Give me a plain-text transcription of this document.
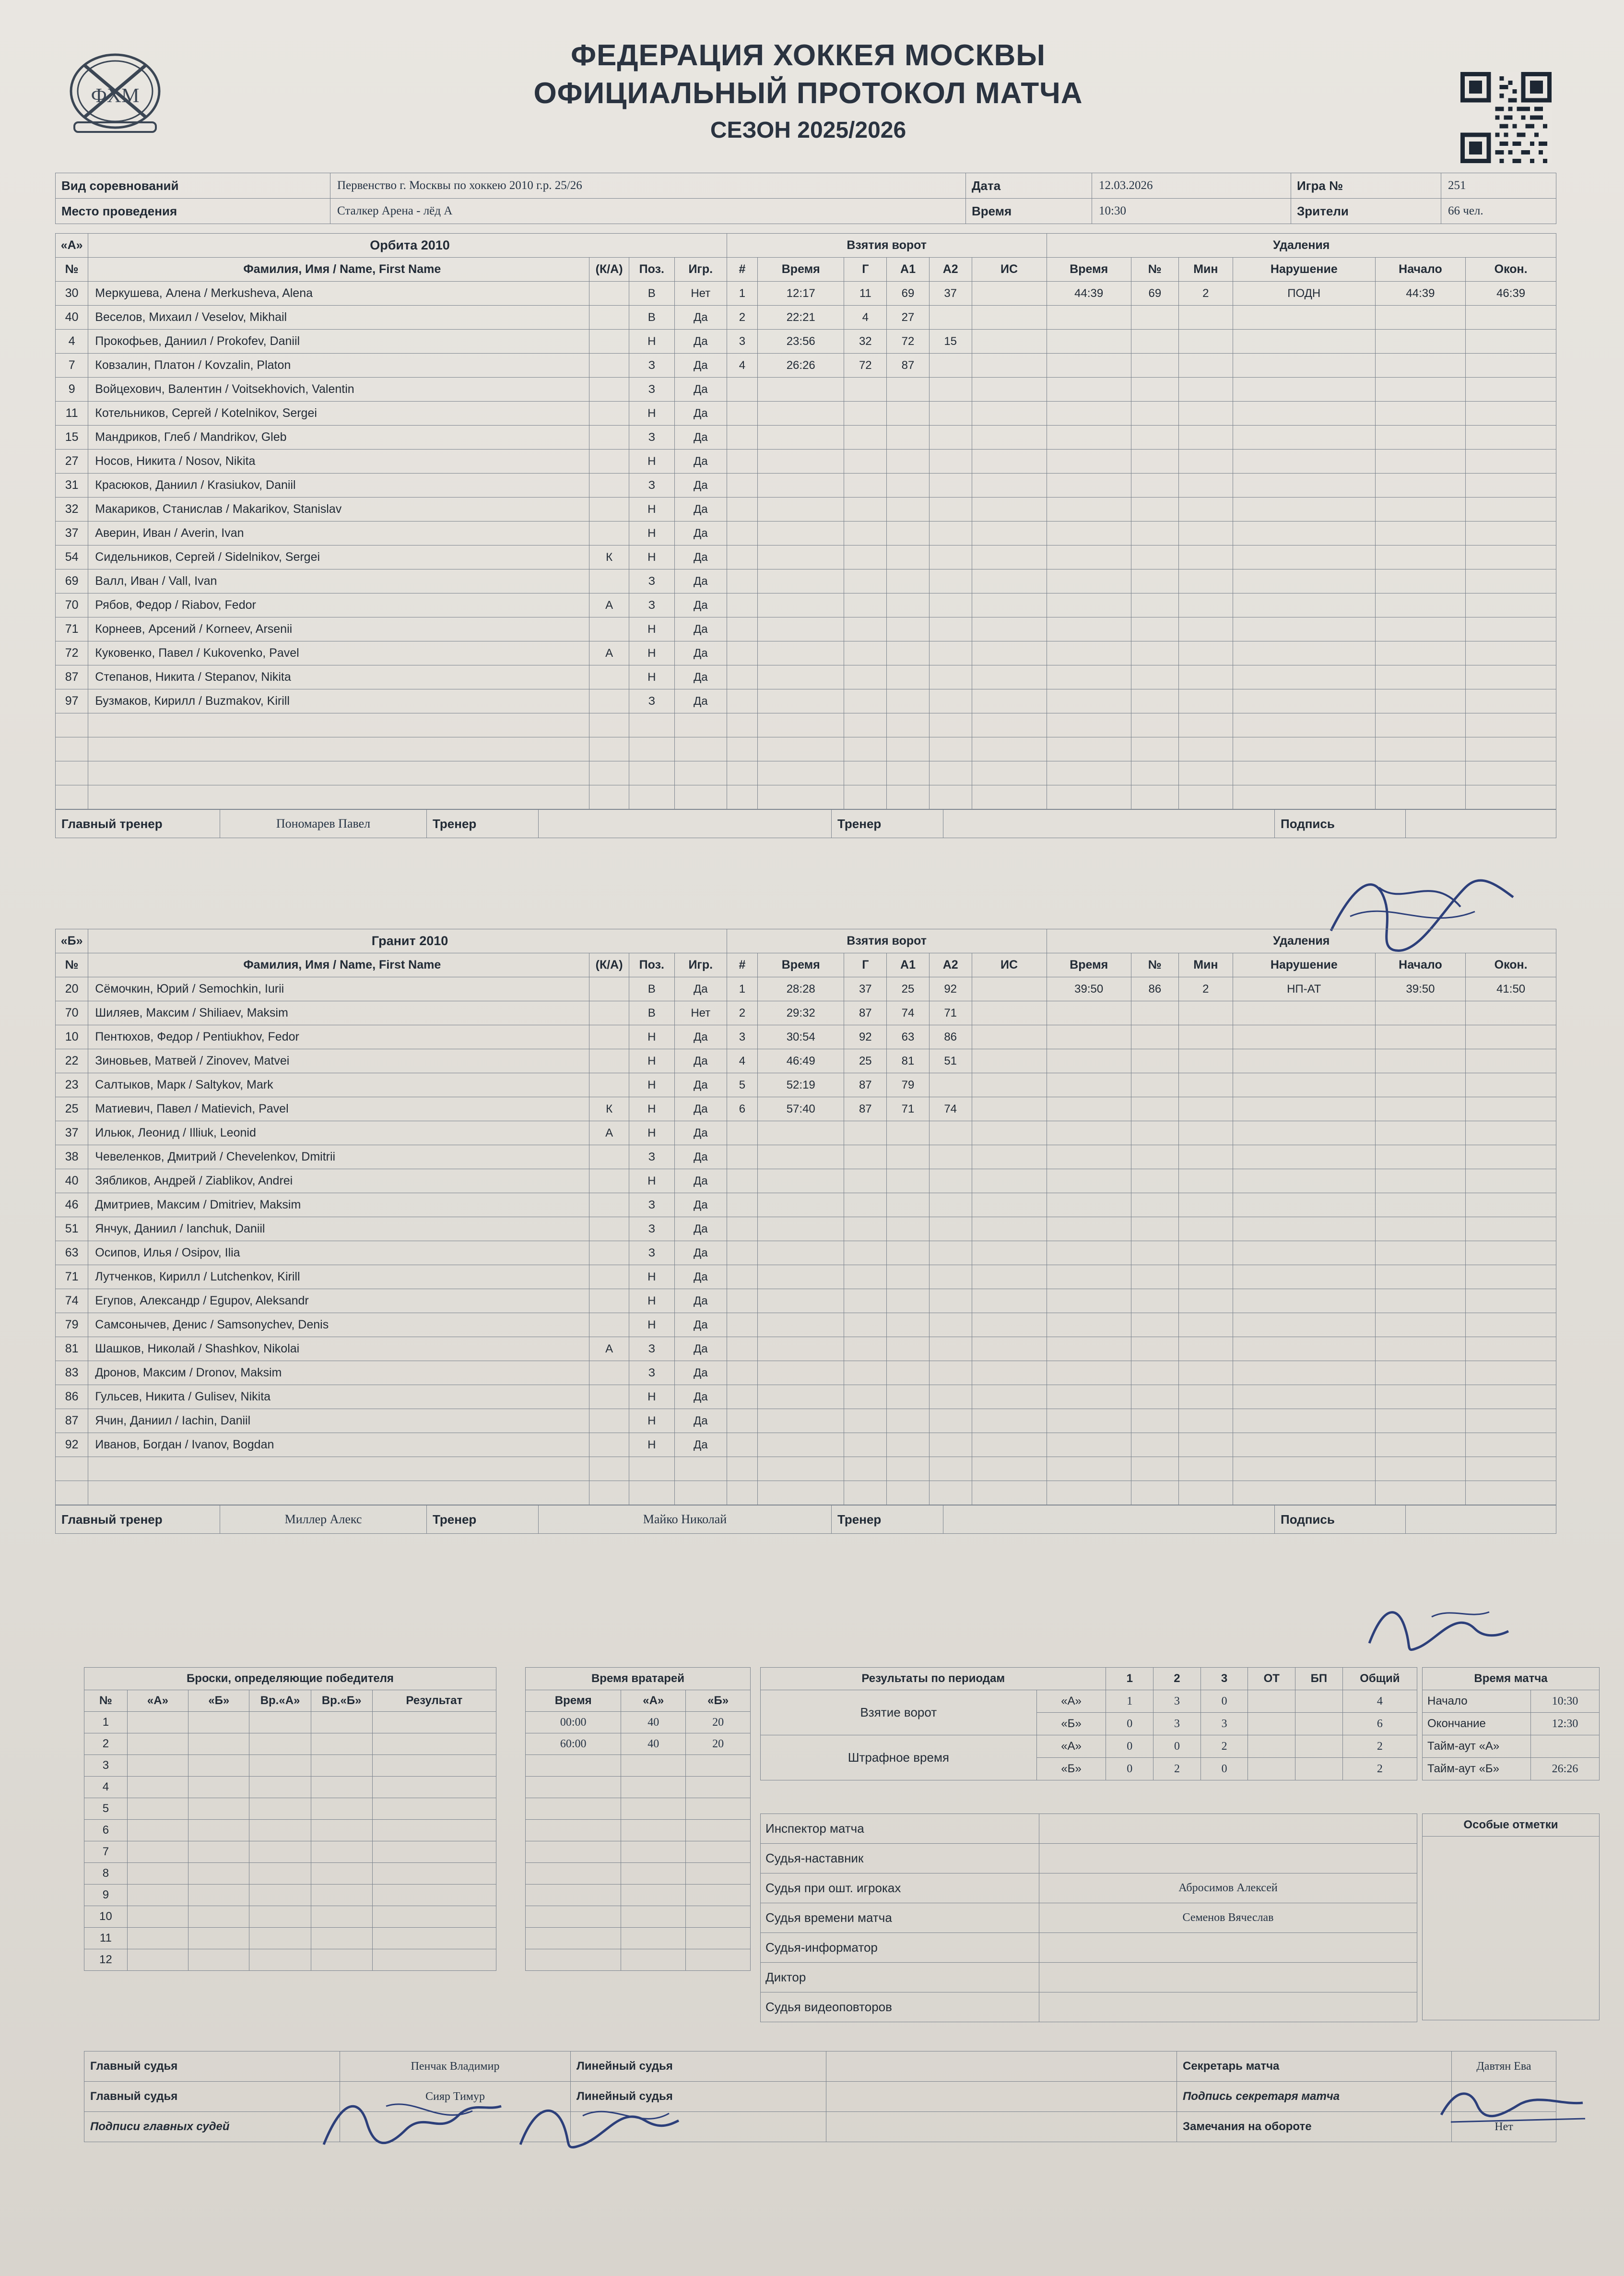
ФХМ
ФЕДЕРАЦИЯ ХОККЕЯ МОСКВЫ
ОФИЦИАЛЬНЫЙ ПРОТОКОЛ МАТЧА
СЕЗОН 2025/2026
Вид соревнований	Первенство г. Москвы по хоккею 2010 г.р. 25/26	Дата	12.03.2026	Игра №	251
Место проведения	Сталкер Арена - лёд А	Время	10:30	Зрители	66 чел.
«А»	Орбита 2010				Взятия ворот						Удаления					
№	Фамилия, Имя / Name, First Name	(К/А)	Поз.	Игр.	#	Время	Г	А1	А2	ИС	Время	№	Мин	Нарушение	Начало	Окон.
30	Меркушева, Алена / Merkusheva, Alena		В	Нет	1	12:17	11	69	37		44:39	69	2	ПОДН	44:39	46:39
40	Веселов, Михаил / Veselov, Mikhail		В	Да	2	22:21	4	27								
4	Прокофьев, Даниил / Prokofev, Daniil		Н	Да	3	23:56	32	72	15							
7	Ковзалин, Платон / Kovzalin, Platon		З	Да	4	26:26	72	87								
9	Войцехович, Валентин / Voitsekhovich, Valentin		З	Да												
11	Котельников, Сергей / Kotelnikov, Sergei		Н	Да												
15	Мандриков, Глеб / Mandrikov, Gleb		З	Да												
27	Носов, Никита / Nosov, Nikita		Н	Да												
31	Красюков, Даниил / Krasiukov, Daniil		З	Да												
32	Макариков, Станислав / Makarikov, Stanislav		Н	Да												
37	Аверин, Иван / Averin, Ivan		Н	Да												
54	Сидельников, Сергей / Sidelnikov, Sergei	К	Н	Да												
69	Валл, Иван / Vall, Ivan		З	Да												
70	Рябов, Федор / Riabov, Fedor	А	З	Да												
71	Корнеев, Арсений / Korneev, Arsenii		Н	Да												
72	Куковенко, Павел / Kukovenko, Pavel	А	Н	Да												
87	Степанов, Никита / Stepanov, Nikita		Н	Да												
97	Бузмаков, Кирилл / Buzmakov, Kirill		З	Да												

Главный тренер	Пономарев Павел	Тренер		Тренер		Подпись	
«Б»	Гранит 2010				Взятия ворот						Удаления					
№	Фамилия, Имя / Name, First Name	(К/А)	Поз.	Игр.	#	Время	Г	А1	А2	ИС	Время	№	Мин	Нарушение	Начало	Окон.
20	Сёмочкин, Юрий / Semochkin, Iurii		В	Да	1	28:28	37	25	92		39:50	86	2	НП-АТ	39:50	41:50
70	Шиляев, Максим / Shiliaev, Maksim		В	Нет	2	29:32	87	74	71							
10	Пентюхов, Федор / Pentiukhov, Fedor		Н	Да	3	30:54	92	63	86							
22	Зиновьев, Матвей / Zinovev, Matvei		Н	Да	4	46:49	25	81	51							
23	Салтыков, Марк / Saltykov, Mark		Н	Да	5	52:19	87	79								
25	Матиевич, Павел / Matievich, Pavel	К	Н	Да	6	57:40	87	71	74							
37	Ильюк, Леонид / Illiuk, Leonid	А	Н	Да												
38	Чевеленков, Дмитрий / Chevelenkov, Dmitrii		З	Да												
40	Зябликов, Андрей / Ziablikov, Andrei		Н	Да												
46	Дмитриев, Максим / Dmitriev, Maksim		З	Да												
51	Янчук, Даниил / Ianchuk, Daniil		З	Да												
63	Осипов, Илья / Osipov, Ilia		З	Да												
71	Лутченков, Кирилл / Lutchenkov, Kirill		Н	Да												
74	Егупов, Александр / Egupov, Aleksandr		Н	Да												
79	Самсонычев, Денис / Samsonychev, Denis		Н	Да												
81	Шашков, Николай / Shashkov, Nikolai	А	З	Да												
83	Дронов, Максим / Dronov, Maksim		З	Да												
86	Гульсев, Никита / Gulisev, Nikita		Н	Да												
87	Ячин, Даниил / Iachin, Daniil		Н	Да												
92	Иванов, Богдан / Ivanov, Bogdan		Н	Да												

Главный тренер	Миллер Алекс	Тренер	Майко Николай	Тренер		Подпись	
Броски, определяющие победителя					
№	«А»	«Б»	Вр.«А»	Вр.«Б»	Результат
1					
2					
3					
4					
5					
6					
7					
8					
9					
10					
11					
12					
Время вратарей		
Время	«А»	«Б»
00:00	40	20
60:00	40	20

Результаты по периодам		1	2	3	ОТ	БП	Общий
Взятие ворот	«А»	1	3	0			4
	«Б»	0	3	3			6
Штрафное время	«А»	0	0	2			2
	«Б»	0	2	0			2
Время матча	
Начало	10:30
Окончание	12:30
Тайм-аут «А»	
Тайм-аут «Б»	26:26
Инспектор матча	
Судья-наставник	
Судья при ошт. игроках	Абросимов Алексей
Судья времени матча	Семенов Вячеслав
Судья-информатор	
Диктор	
Судья видеоповторов	
Особые отметки

Главный судья	Пенчак Владимир	Линейный судья		Секретарь матча	Давтян Ева
Главный судья	Сияр Тимур	Линейный судья		Подпись секретаря матча	
Подписи главных судей				Замечания на обороте	Нет
